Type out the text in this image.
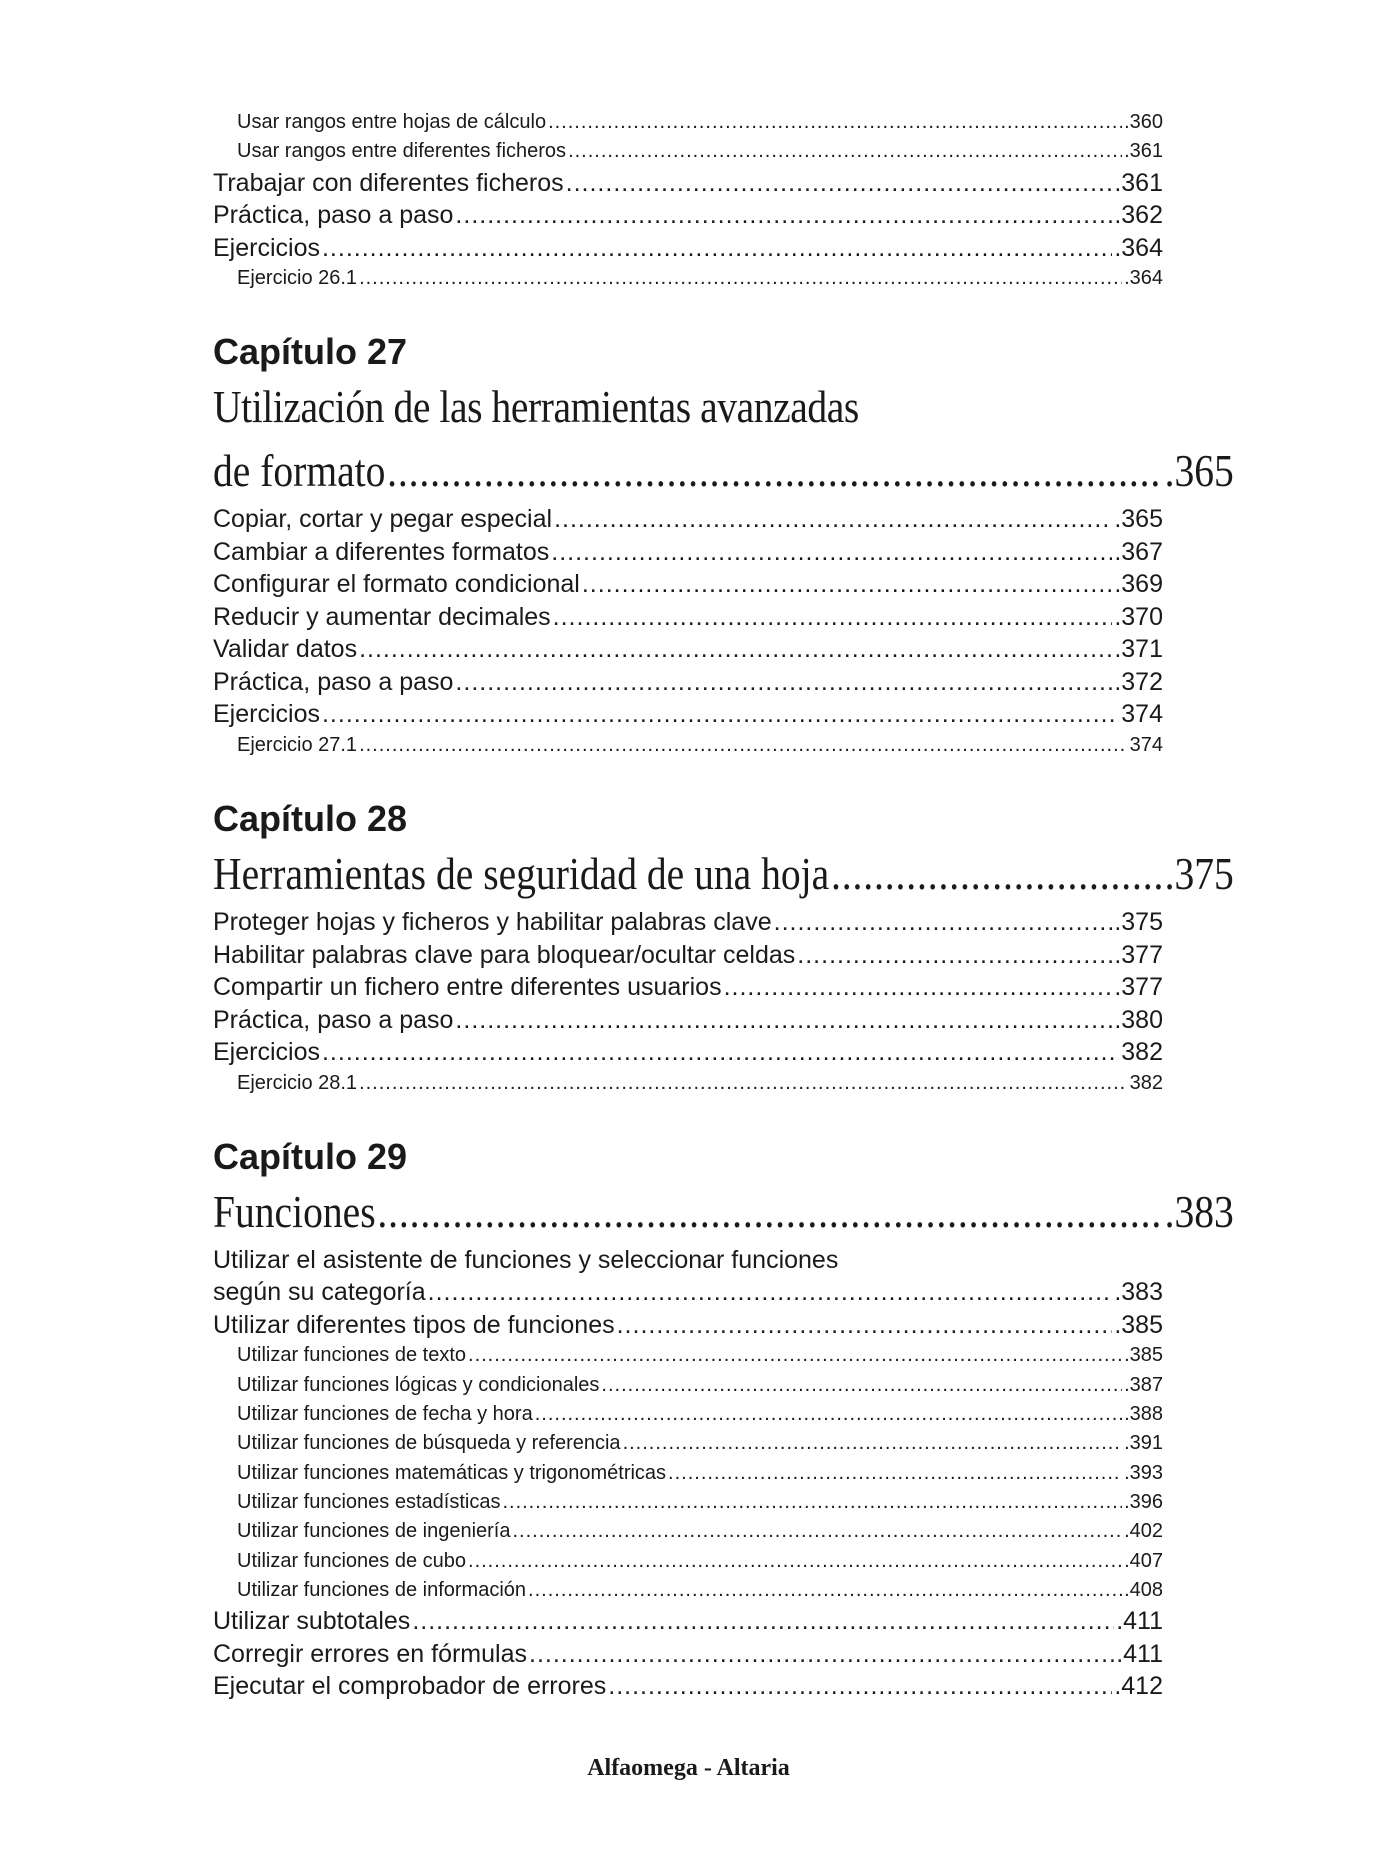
Usar rangos entre hojas de cálculo .....	.360
Usar rangos entre diferentes ficheros .....	.361
Trabajar con diferentes ficheros .....	.361
Práctica, paso a paso .....	.362
Ejercicios .....	.364
Ejercicio 26.1 .....	.364
Capítulo 27
Utilización de las herramientas avanzadas
de formato .....	.365
Copiar, cortar y pegar especial .....	.365
Cambiar a diferentes formatos .....	.367
Configurar el formato condicional .....	.369
Reducir y aumentar decimales .....	.370
Validar datos .....	.371
Práctica, paso a paso .....	.372
Ejercicios .....	374
Ejercicio 27.1 .....	374
Capítulo 28
Herramientas de seguridad de una hoja .....	.375
Proteger hojas y ficheros y habilitar palabras clave .....	.375
Habilitar palabras clave para bloquear/ocultar celdas .....	.377
Compartir un fichero entre diferentes usuarios .....	.377
Práctica, paso a paso .....	.380
Ejercicios .....	382
Ejercicio 28.1 .....	382
Capítulo 29
Funciones .....	.383
Utilizar el asistente de funciones y seleccionar funciones
según su categoría .....	.383
Utilizar diferentes tipos de funciones .....	.385
Utilizar funciones de texto .....	.385
Utilizar funciones lógicas y condicionales .....	.387
Utilizar funciones de fecha y hora .....	.388
Utilizar funciones de búsqueda y referencia .....	.391
Utilizar funciones matemáticas y trigonométricas .....	.393
Utilizar funciones estadísticas .....	.396
Utilizar funciones de ingeniería .....	.402
Utilizar funciones de cubo .....	.407
Utilizar funciones de información .....	.408
Utilizar subtotales .....	.411
Corregir errores en fórmulas .....	.411
Ejecutar el comprobador de errores .....	.412
Alfaomega - Altaria
